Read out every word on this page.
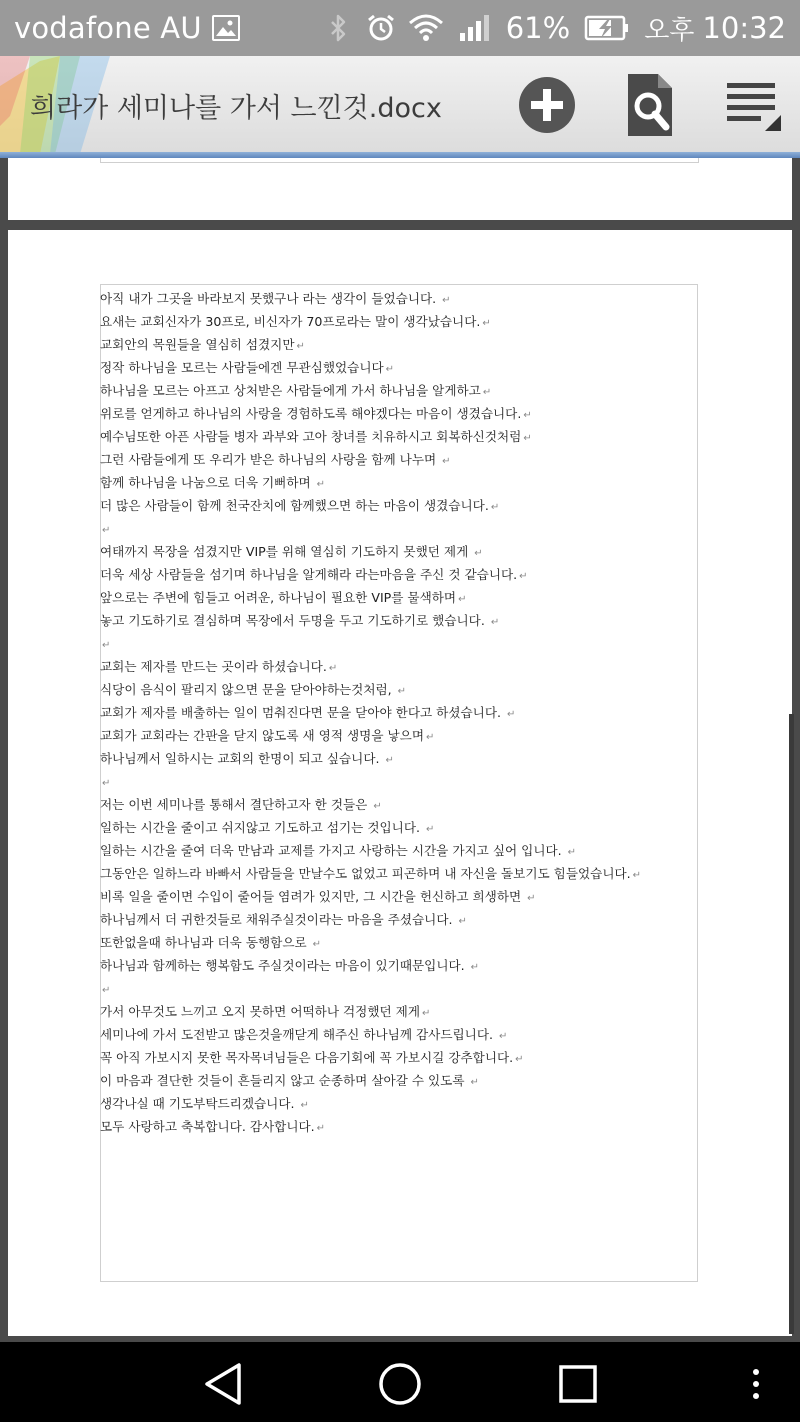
vodafone AU	61%	오후 10:32
희라가 세미나를 가서 느낀것.docx
아직 내가 그곳을 바라보지 못했구나 라는 생각이 들었습니다. ↵
요새는 교회신자가 30프로, 비신자가 70프로라는 말이 생각났습니다. ↵
교회안의 목원들을 열심히 섬겼지만 ↵
정작 하나님을 모르는 사람들에겐 무관심했었습니다 ↵
하나님을 모르는 아프고 상처받은 사람들에게 가서 하나님을 알게하고 ↵
위로를 얻게하고 하나님의 사랑을 경험하도록 해야겠다는 마음이 생겼습니다. ↵
예수님또한 아픈 사람들 병자 과부와 고아 창녀를 치유하시고 회복하신것처럼 ↵
그런 사람들에게 또 우리가 받은 하나님의 사랑을 함께 나누며 ↵
함께 하나님을 나눔으로 더욱 기뻐하며 ↵
더 많은 사람들이 함께 천국잔치에 함께했으면 하는 마음이 생겼습니다. ↵
↵
여태까지 목장을 섬겼지만 VIP를 위해 열심히 기도하지 못했던 제게 ↵
더욱 세상 사람들을 섬기며 하나님을 알게해라 라는마음을 주신 것 같습니다. ↵
앞으로는 주변에 힘들고 어려운, 하나님이 필요한 VIP를 물색하며 ↵
놓고 기도하기로 결심하며 목장에서 두명을 두고 기도하기로 했습니다. ↵
↵
교회는 제자를 만드는 곳이라 하셨습니다. ↵
식당이 음식이 팔리지 않으면 문을 닫아야하는것처럼, ↵
교회가 제자를 배출하는 일이 멈춰진다면 문을 닫아야 한다고 하셨습니다. ↵
교회가 교회라는 간판을 닫지 않도록 새 영적 생명을 낳으며 ↵
하나님께서 일하시는 교회의 한명이 되고 싶습니다. ↵
↵
저는 이번 세미나를 통해서 결단하고자 한 것들은 ↵
일하는 시간을 줄이고 쉬지않고 기도하고 섬기는 것입니다. ↵
일하는 시간을 줄여 더욱 만남과 교제를 가지고 사랑하는 시간을 가지고 싶어 입니다. ↵
그동안은 일하느라 바빠서 사람들을 만날수도 없었고 피곤하며 내 자신을 돌보기도 힘들었습니다. ↵
비록 일을 줄이면 수입이 줄어들 염려가 있지만, 그 시간을 헌신하고 희생하면 ↵
하나님께서 더 귀한것들로 채워주실것이라는 마음을 주셨습니다. ↵
또한없을때 하나님과 더욱 동행함으로 ↵
하나님과 함께하는 행복함도 주실것이라는 마음이 있기때문입니다. ↵
↵
가서 아무것도 느끼고 오지 못하면 어떡하나 걱정했던 제게 ↵
세미나에 가서 도전받고 많은것을깨닫게 해주신 하나님께 감사드립니다. ↵
꼭 아직 가보시지 못한 목자목녀님들은 다음기회에 꼭 가보시길 강추합니다. ↵
이 마음과 결단한 것들이 흔들리지 않고 순종하며 살아갈 수 있도록 ↵
생각나실 때 기도부탁드리겠습니다. ↵
모두 사랑하고 축복합니다. 감사합니다. ↵
